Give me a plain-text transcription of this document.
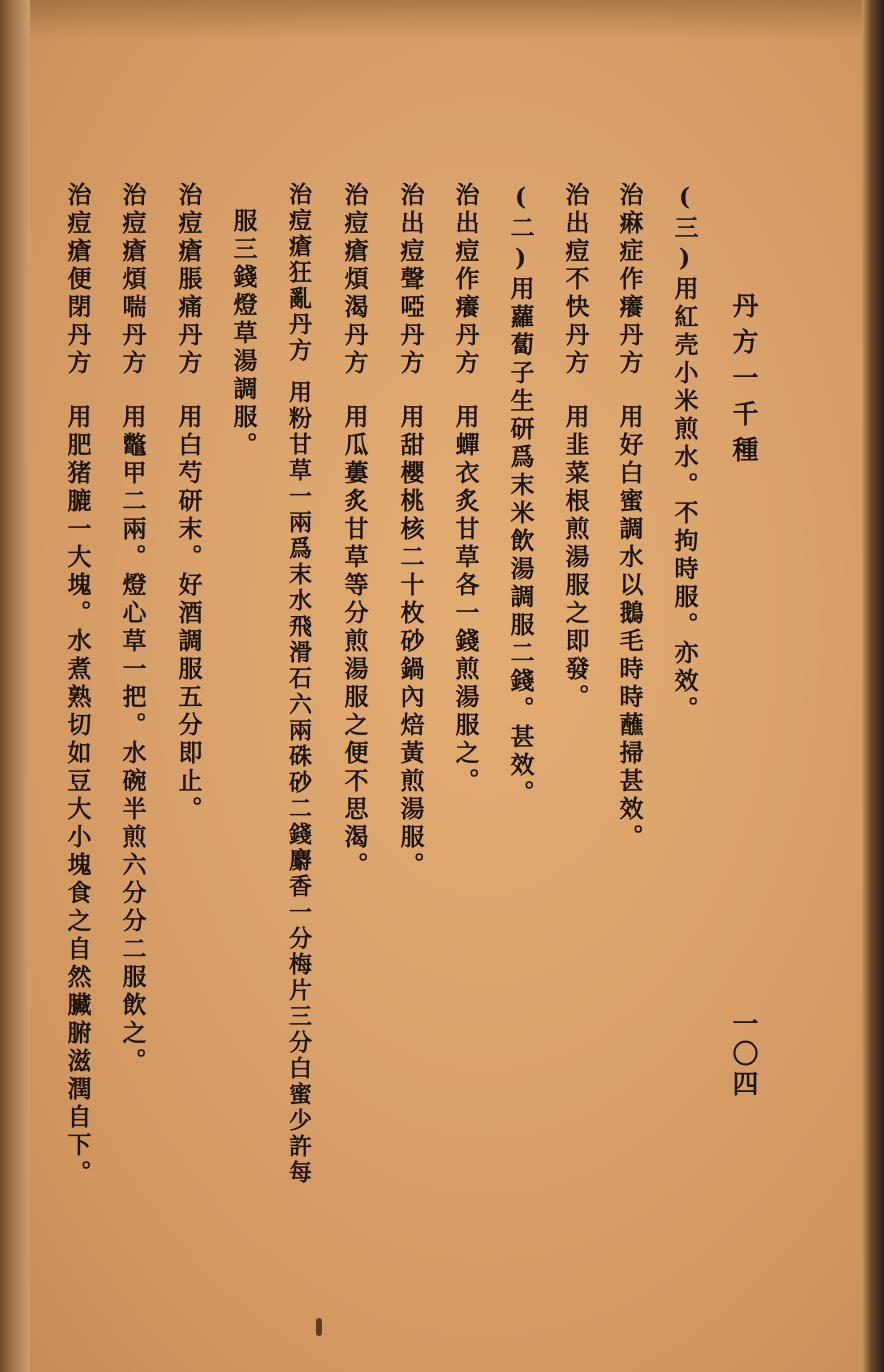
丹方一千種
一〇四
(三)用紅壳小米煎水。不拘時服。亦效。
治痳症作癢丹方用好白蜜調水以鵝毛時時蘸掃甚效。
治出痘不快丹方用韭菜根煎湯服之即發。
(二)用蘿蔔子生研爲末米飲湯調服二錢。甚效。
治出痘作癢丹方用蟬衣炙甘草各一錢煎湯服之。
治出痘聲啞丹方用甜櫻桃核二十枚砂鍋內焙黃煎湯服。
治痘瘡煩渴丹方用瓜蔞炙甘草等分煎湯服之便不思渴。
治痘瘡狂亂丹方用粉甘草一兩爲末水飛滑石六兩硃砂二錢麝香一分梅片三分白蜜少許每
服三錢燈草湯調服。
治痘瘡脹痛丹方用白芍研末。好酒調服五分即止。
治痘瘡煩喘丹方用鼈甲二兩。燈心草一把。水碗半煎六分分二服飲之。
治痘瘡便閉丹方用肥猪膔一大塊。水煮熟切如豆大小塊食之自然臟腑滋潤自下。
